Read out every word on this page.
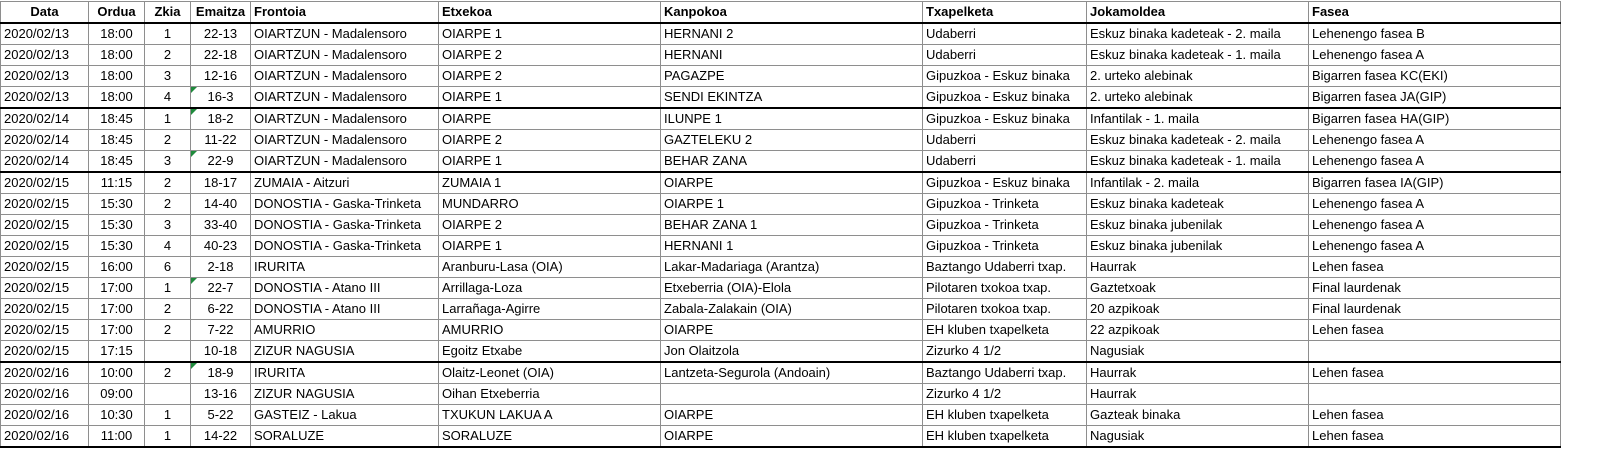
Data	Ordua	Zkia	Emaitza	Frontoia	Etxekoa	Kanpokoa	Txapelketa	Jokamoldea	Fasea
2020/02/13	18:00	1	22-13	OIARTZUN - Madalensoro	OIARPE 1	HERNANI 2	Udaberri	Eskuz binaka kadeteak - 2. maila	Lehenengo fasea B
2020/02/13	18:00	2	22-18	OIARTZUN - Madalensoro	OIARPE 2	HERNANI	Udaberri	Eskuz binaka kadeteak - 1. maila	Lehenengo fasea A
2020/02/13	18:00	3	12-16	OIARTZUN - Madalensoro	OIARPE 2	PAGAZPE	Gipuzkoa - Eskuz binaka	2. urteko alebinak	Bigarren fasea KC(EKI)
2020/02/13	18:00	4	16-3	OIARTZUN - Madalensoro	OIARPE 1	SENDI EKINTZA	Gipuzkoa - Eskuz binaka	2. urteko alebinak	Bigarren fasea JA(GIP)
2020/02/14	18:45	1	18-2	OIARTZUN - Madalensoro	OIARPE	ILUNPE 1	Gipuzkoa - Eskuz binaka	Infantilak - 1. maila	Bigarren fasea HA(GIP)
2020/02/14	18:45	2	11-22	OIARTZUN - Madalensoro	OIARPE 2	GAZTELEKU 2	Udaberri	Eskuz binaka kadeteak - 2. maila	Lehenengo fasea A
2020/02/14	18:45	3	22-9	OIARTZUN - Madalensoro	OIARPE 1	BEHAR ZANA	Udaberri	Eskuz binaka kadeteak - 1. maila	Lehenengo fasea A
2020/02/15	11:15	2	18-17	ZUMAIA - Aitzuri	ZUMAIA 1	OIARPE	Gipuzkoa - Eskuz binaka	Infantilak - 2. maila	Bigarren fasea IA(GIP)
2020/02/15	15:30	2	14-40	DONOSTIA - Gaska-Trinketa	MUNDARRO	OIARPE 1	Gipuzkoa - Trinketa	Eskuz binaka kadeteak	Lehenengo fasea A
2020/02/15	15:30	3	33-40	DONOSTIA - Gaska-Trinketa	OIARPE 2	BEHAR ZANA 1	Gipuzkoa - Trinketa	Eskuz binaka jubenilak	Lehenengo fasea A
2020/02/15	15:30	4	40-23	DONOSTIA - Gaska-Trinketa	OIARPE 1	HERNANI 1	Gipuzkoa - Trinketa	Eskuz binaka jubenilak	Lehenengo fasea A
2020/02/15	16:00	6	2-18	IRURITA	Aranburu-Lasa (OIA)	Lakar-Madariaga (Arantza)	Baztango Udaberri txap.	Haurrak	Lehen fasea
2020/02/15	17:00	1	22-7	DONOSTIA - Atano III	Arrillaga-Loza	Etxeberria (OIA)-Elola	Pilotaren txokoa txap.	Gaztetxoak	Final laurdenak
2020/02/15	17:00	2	6-22	DONOSTIA - Atano III	Larrañaga-Agirre	Zabala-Zalakain (OIA)	Pilotaren txokoa txap.	20 azpikoak	Final laurdenak
2020/02/15	17:00	2	7-22	AMURRIO	AMURRIO	OIARPE	EH kluben txapelketa	22 azpikoak	Lehen fasea
2020/02/15	17:15		10-18	ZIZUR NAGUSIA	Egoitz Etxabe	Jon Olaitzola	Zizurko 4 1/2	Nagusiak	
2020/02/16	10:00	2	18-9	IRURITA	Olaitz-Leonet (OIA)	Lantzeta-Segurola (Andoain)	Baztango Udaberri txap.	Haurrak	Lehen fasea
2020/02/16	09:00		13-16	ZIZUR NAGUSIA	Oihan Etxeberria		Zizurko 4 1/2	Haurrak	
2020/02/16	10:30	1	5-22	GASTEIZ - Lakua	TXUKUN LAKUA A	OIARPE	EH kluben txapelketa	Gazteak binaka	Lehen fasea
2020/02/16	11:00	1	14-22	SORALUZE	SORALUZE	OIARPE	EH kluben txapelketa	Nagusiak	Lehen fasea
